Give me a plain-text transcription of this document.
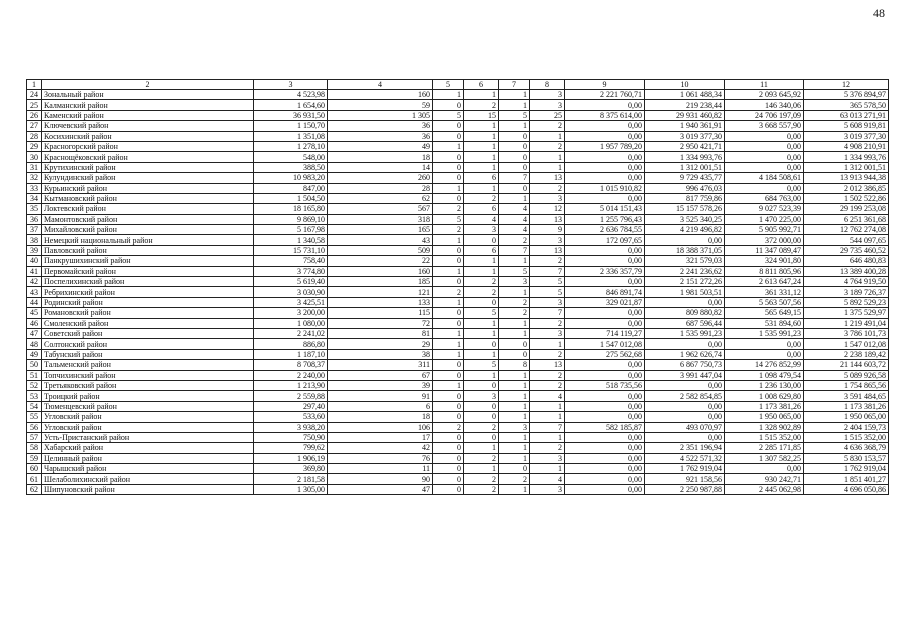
48
1	2	3	4	5	6	7	8	9	10	11	12
24	Зональный район	4 523,98	160	1	1	1	3	2 221 760,71	1 061 488,34	2 093 645,92	5 376 894,97
25	Калманский район	1 654,60	59	0	2	1	3	0,00	219 238,44	146 340,06	365 578,50
26	Каменский район	36 931,50	1 305	5	15	5	25	8 375 614,00	29 931 460,82	24 706 197,09	63 013 271,91
27	Ключевский район	1 150,70	36	0	1	1	2	0,00	1 940 361,91	3 668 557,90	5 608 919,81
28	Косихинский район	1 351,08	36	0	1	0	1	0,00	3 019 377,30	0,00	3 019 377,30
29	Красногорский район	1 278,10	49	1	1	0	2	1 957 789,20	2 950 421,71	0,00	4 908 210,91
30	Краснощёковский район	548,00	18	0	1	0	1	0,00	1 334 993,76	0,00	1 334 993,76
31	Крутихинский район	388,50	14	0	1	0	1	0,00	1 312 001,51	0,00	1 312 001,51
32	Кулундинский район	10 983,20	260	0	6	7	13	0,00	9 729 435,77	4 184 508,61	13 913 944,38
33	Курьинский район	847,00	28	1	1	0	2	1 015 910,82	996 476,03	0,00	2 012 386,85
34	Кытмановский район	1 504,50	62	0	2	1	3	0,00	817 759,86	684 763,00	1 502 522,86
35	Локтевский район	18 165,80	567	2	6	4	12	5 014 151,43	15 157 578,26	9 027 523,39	29 199 253,08
36	Мамонтовский район	9 869,10	318	5	4	4	13	1 255 796,43	3 525 340,25	1 470 225,00	6 251 361,68
37	Михайловский район	5 167,98	165	2	3	4	9	2 636 784,55	4 219 496,82	5 905 992,71	12 762 274,08
38	Немецкий национальный район	1 340,58	43	1	0	2	3	172 097,65	0,00	372 000,00	544 097,65
39	Павловский район	15 731,10	509	0	6	7	13	0,00	18 388 371,05	11 347 089,47	29 735 460,52
40	Панкрушихинский район	758,40	22	0	1	1	2	0,00	321 579,03	324 901,80	646 480,83
41	Первомайский район	3 774,80	160	1	1	5	7	2 336 357,79	2 241 236,62	8 811 805,96	13 389 400,28
42	Поспелихинский район	5 619,40	185	0	2	3	5	0,00	2 151 272,26	2 613 647,24	4 764 919,50
43	Ребрихинский район	3 030,90	121	2	2	1	5	846 891,74	1 981 503,51	361 331,12	3 189 726,37
44	Родинский район	3 425,51	133	1	0	2	3	329 021,87	0,00	5 563 507,56	5 892 529,23
45	Романовский район	3 200,00	115	0	5	2	7	0,00	809 880,82	565 649,15	1 375 529,97
46	Смоленский район	1 080,00	72	0	1	1	2	0,00	687 596,44	531 894,60	1 219 491,04
47	Советский район	2 241,02	81	1	1	1	3	714 119,27	1 535 991,23	1 535 991,23	3 786 101,73
48	Солтонский район	886,80	29	1	0	0	1	1 547 012,08	0,00	0,00	1 547 012,08
49	Табунский район	1 187,10	38	1	1	0	2	275 562,68	1 962 626,74	0,00	2 238 189,42
50	Тальменский район	8 708,37	311	0	5	8	13	0,00	6 867 750,73	14 276 852,99	21 144 603,72
51	Топчихинский район	2 240,00	67	0	1	1	2	0,00	3 991 447,04	1 098 479,54	5 089 926,58
52	Третьяковский район	1 213,90	39	1	0	1	2	518 735,56	0,00	1 236 130,00	1 754 865,56
53	Троицкий район	2 559,88	91	0	3	1	4	0,00	2 582 854,85	1 008 629,80	3 591 484,65
54	Тюменцевский район	297,40	6	0	0	1	1	0,00	0,00	1 173 381,26	1 173 381,26
55	Угловский район	533,60	18	0	0	1	1	0,00	0,00	1 950 065,00	1 950 065,00
56	Угловский район	3 938,20	106	2	2	3	7	582 185,87	493 070,97	1 328 902,89	2 404 159,73
57	Усть-Пристанский район	750,90	17	0	0	1	1	0,00	0,00	1 515 352,00	1 515 352,00
58	Хабарский район	799,62	42	0	1	1	2	0,00	2 351 196,94	2 285 171,85	4 636 368,79
59	Целинный район	1 906,19	76	0	2	1	3	0,00	4 522 571,32	1 307 582,25	5 830 153,57
60	Чарышский район	369,80	11	0	1	0	1	0,00	1 762 919,04	0,00	1 762 919,04
61	Шелаболихинский район	2 181,58	90	0	2	2	4	0,00	921 158,56	930 242,71	1 851 401,27
62	Шипуновский район	1 305,00	47	0	2	1	3	0,00	2 250 987,88	2 445 062,98	4 696 050,86
